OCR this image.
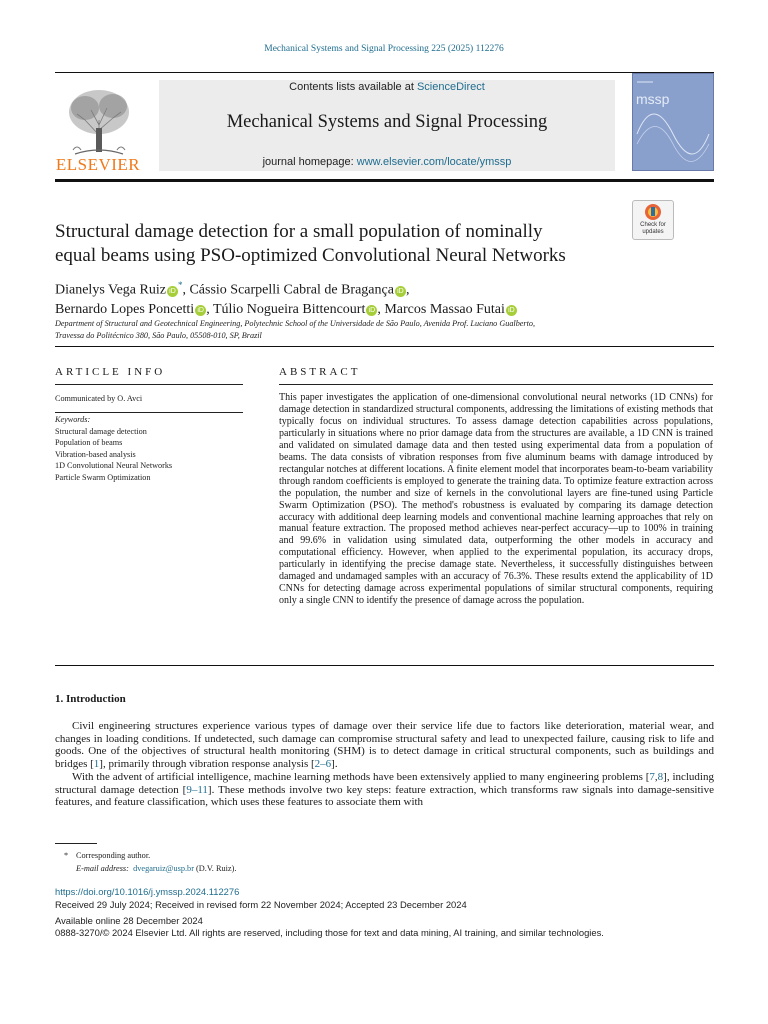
Mechanical Systems and Signal Processing 225 (2025) 112276
ELSEVIER
Contents lists available at ScienceDirect
Mechanical Systems and Signal Processing
journal homepage: www.elsevier.com/locate/ymssp
mssp
Check for updates
Structural damage detection for a small population of nominally
equal beams using PSO-optimized Convolutional Neural Networks
Dianelys Vega Ruiz iD*, Cássio Scarpelli Cabral de Bragança iD ,
Bernardo Lopes Poncetti iD , Túlio Nogueira Bittencourt iD , Marcos Massao Futai iD
Department of Structural and Geotechnical Engineering, Polytechnic School of the Universidade de São Paulo, Avenida Prof. Luciano Gualberto,
Travessa do Politécnico 380, São Paulo, 05508-010, SP, Brazil
ARTICLE INFO
Communicated by O. Avci
Keywords:
Structural damage detection
Population of beams
Vibration-based analysis
1D Convolutional Neural Networks
Particle Swarm Optimization
ABSTRACT
This paper investigates the application of one-dimensional convolutional neural networks (1D CNNs) for damage detection in standardized structural components, addressing the limitations of existing methods that typically focus on individual structures. To assess damage detection capabilities across populations, particularly in situations where no prior damage data from the structures are available, a 1D CNN is trained and validated on simulated damage data and then tested using experimental data from a population of beams. The data consists of vibration responses from five aluminum beams with damage introduced by rectangular notches at different locations. A finite element model that incorporates beam-to-beam variability through random coefficients is employed to generate the training data. To optimize feature extraction across the population, the number and size of kernels in the convolutional layers are fine-tuned using Particle Swarm Optimization (PSO). The method's robustness is evaluated by comparing its damage detection accuracy with additional deep learning models and conventional machine learning approaches that rely on manual feature extraction. The proposed method achieves near-perfect accuracy—up to 100% in training and 99.6% in validation using simulated data, outperforming the other models in accuracy and computational efficiency. However, when applied to the experimental population, its accuracy drops, particularly in identifying the precise damage state. Nevertheless, it successfully distinguishes between damaged and undamaged samples with an accuracy of 76.3%. These results extend the applicability of 1D CNNs for detecting damage across experimental populations of similar structural components, requiring only a single CNN to identify the presence of damage across the population.
1. Introduction

Civil engineering structures experience various types of damage over their service life due to factors like deterioration, material wear, and changes in loading conditions. If undetected, such damage can compromise structural safety and lead to unexpected failure, causing risk to life and goods. One of the objectives of structural health monitoring (SHM) is to detect damage in critical structural components, such as buildings and bridges [1], primarily through vibration response analysis [2–6].

With the advent of artificial intelligence, machine learning methods have been extensively applied to many engineering problems [7,8], including structural damage detection [9–11]. These methods involve two key steps: feature extraction, which transforms raw signals into damage-sensitive features, and feature classification, which uses these features to associate them with

* Corresponding author.
E-mail address: dvegaruiz@usp.br (D.V. Ruiz).
https://doi.org/10.1016/j.ymssp.2024.112276
Received 29 July 2024; Received in revised form 22 November 2024; Accepted 23 December 2024
Available online 28 December 2024
0888-3270/© 2024 Elsevier Ltd. All rights are reserved, including those for text and data mining, AI training, and similar technologies.
